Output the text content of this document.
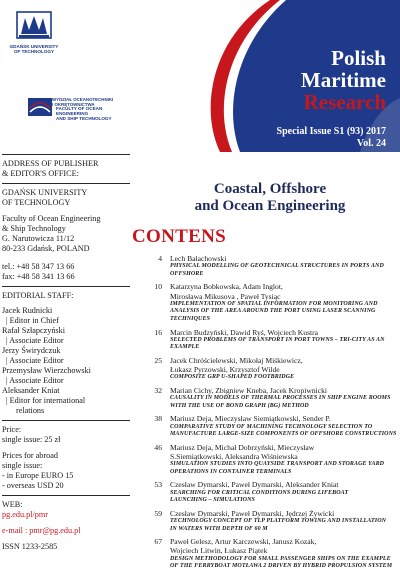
GDAŃSK UNIVERSITY
OF TECHNOLOGY
WYDZIAŁ OCEANOTECHNIKI
I OKRĘTOWNICTWA
FACULTY OF OCEAN
ENGINEERING
AND SHIP TECHNOLOGY
Polish
Maritime
Research
Special Issue S1 (93) 2017
Vol. 24
ADDRESS OF PUBLISHER
& EDITOR'S OFFICE:
GDAŃSK UNIVERSITY
OF TECHNOLOGY
Faculty of Ocean Engineering
& Ship Technology
G. Narutowicza 11/12
80-233 Gdańsk, POLAND
tel.: +48 58 347 13 66
fax: +48 58 341 13 66
EDITORIAL STAFF:
Jacek Rudnicki
| Editor in Chief
Rafał Szłapczyński
| Associate Editor
Jerzy Świrydczuk
| Associate Editor
Przemysław Wierzchowski
| Associate Editor
Aleksander Kniat
| Editor for international
relations
Price:
single issue: 25 zł
Prices for abroad
single issue:
- in Europe EURO 15
- overseas USD 20
WEB:
pg.edu.pl/pmr
e-mail : pmr@pg.edu.pl
ISSN 1233-2585
Coastal, Offshore
and Ocean Engineering
CONTENS
4	Lech Bałachowski
PHYSICAL MODELLING OF GEOTECHNICAL STRUCTURES IN PORTS AND
OFFSHORE
10	Katarzyna Bobkowska, Adam Inglot,
Mirosława Mikusova , Paweł Tysiąc
IMPLEMENTATION OF SPATIAL INFORMATION FOR MONITORING AND
ANALYSIS OF THE AREA AROUND THE PORT USING LASER SCANNING
TECHNIQUES
16	Marcin Budzyński, Dawid Ryś, Wojciech Kustra
SELECTED PROBLEMS OF TRANSPORT IN PORT TOWNS – TRI-CITY AS AN
EXAMPLE
25	Jacek Chróścielewski, Mikołaj Miśkiewicz,
Łukasz Pyrzowski, Krzysztof Wilde
COMPOSITE GRP U-SHAPED FOOTBRIDGE
32	Marian Cichy, Zbigniew Kneba, Jacek Kropiwnicki
CAUSALITY IN MODELS OF THERMAL PROCESSES IN SHIP ENGINE ROOMS
WITH THE USE OF BOND GRAPH (BG) METHOD
38	Mariusz Deja, Mieczysław Siemiątkowski, Sender P.
COMPARATIVE STUDY OF MACHINING TECHNOLOGY SELECTION TO
MANUFACTURE LARGE-SIZE COMPONENTS OF OFFSHORE CONSTRUCTIONS
46	Mariusz Deja, Michał Dobrzyński, Mieczysław
S.Siemiątkowski, Aleksandra Wiśniewska
SIMULATION STUDIES INTO QUAYSIDE TRANSPORT AND STORAGE YARD
OPERATIONS IN CONTAINER TERMINALS
53	Czesław Dymarski, Paweł Dymarski, Aleksander Kniat
SEARCHING FOR CRITICAL CONDITIONS DURING LIFEBOAT
LAUNCHING – SIMULATIONS
59	Czesław Dymarski, Paweł Dymarski, Jędrzej Żywicki
TECHNOLOGY CONCEPT OF TLP PLATFORM TOWING AND INSTALLATION
IN WATERS WITH DEPTH OF 60 M
67	Paweł Gelesz, Artur Karczewski, Janusz Kozak,
Wojciech Litwin, Łukasz Piątek
DESIGN METHODOLOGY FOR SMALL PASSENGER SHIPS ON THE EXAMPLE
OF THE FERRYBOAT MOTŁAWA 2 DRIVEN BY HYBRID PROPULSION SYSTEM
